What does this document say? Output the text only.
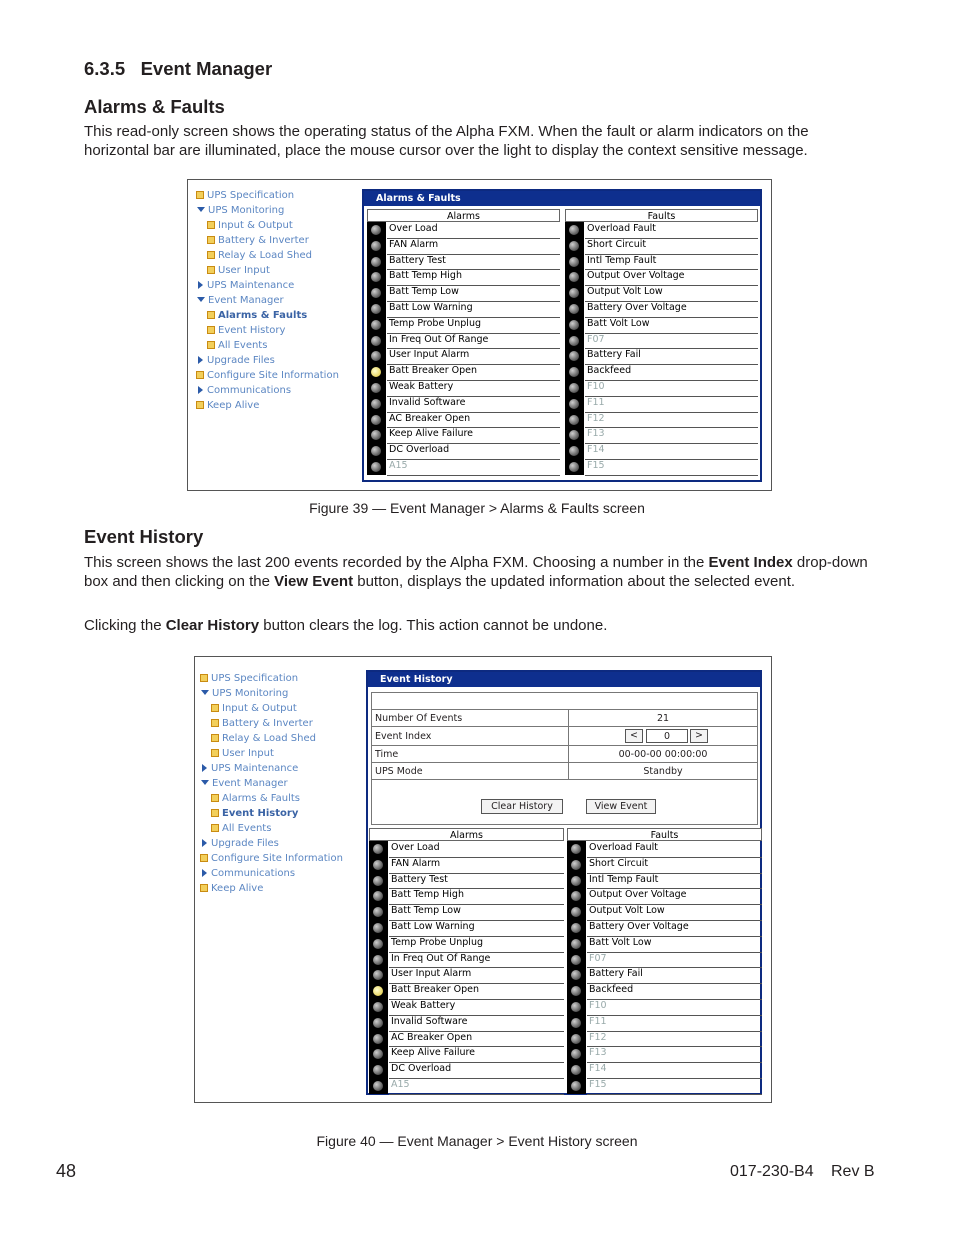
6.3.5 Event Manager
Alarms & Faults
This read-only screen shows the operating status of the Alpha FXM. When the fault or alarm indicators on the horizontal bar are illuminated, place the mouse cursor over the light to display the context sensitive message.
UPS Specification
UPS Monitoring
Input & Output
Battery & Inverter
Relay & Load Shed
User Input
UPS Maintenance
Event Manager
Alarms & Faults
Event History
All Events
Upgrade Files
Configure Site Information
Communications
Keep Alive
Alarms & Faults
Alarms
Over Load
FAN Alarm
Battery Test
Batt Temp High
Batt Temp Low
Batt Low Warning
Temp Probe Unplug
In Freq Out Of Range
User Input Alarm
Batt Breaker Open
Weak Battery
Invalid Software
AC Breaker Open
Keep Alive Failure
DC Overload
A15
Faults
Overload Fault
Short Circuit
Intl Temp Fault
Output Over Voltage
Output Volt Low
Battery Over Voltage
Batt Volt Low
F07
Battery Fail
Backfeed
F10
F11
F12
F13
F14
F15
Figure 39 — Event Manager > Alarms & Faults screen
Event History
This screen shows the last 200 events recorded by the Alpha FXM. Choosing a number in the Event Index drop-down box and then clicking on the View Event button, displays the updated information about the selected event.
Clicking the Clear History button clears the log. This action cannot be undone.
UPS Specification
UPS Monitoring
Input & Output
Battery & Inverter
Relay & Load Shed
User Input
UPS Maintenance
Event Manager
Alarms & Faults
Event History
All Events
Upgrade Files
Configure Site Information
Communications
Keep Alive
Event History
Number Of Events	21
Event Index	<	0	>
Time	00-00-00 00:00:00
UPS Mode	Standby
Clear History	View Event
Alarms
Over Load
FAN Alarm
Battery Test
Batt Temp High
Batt Temp Low
Batt Low Warning
Temp Probe Unplug
In Freq Out Of Range
User Input Alarm
Batt Breaker Open
Weak Battery
Invalid Software
AC Breaker Open
Keep Alive Failure
DC Overload
A15
Faults
Overload Fault
Short Circuit
Intl Temp Fault
Output Over Voltage
Output Volt Low
Battery Over Voltage
Batt Volt Low
F07
Battery Fail
Backfeed
F10
F11
F12
F13
F14
F15
Figure 40 — Event Manager > Event History screen
48	017-230-B4 Rev B
